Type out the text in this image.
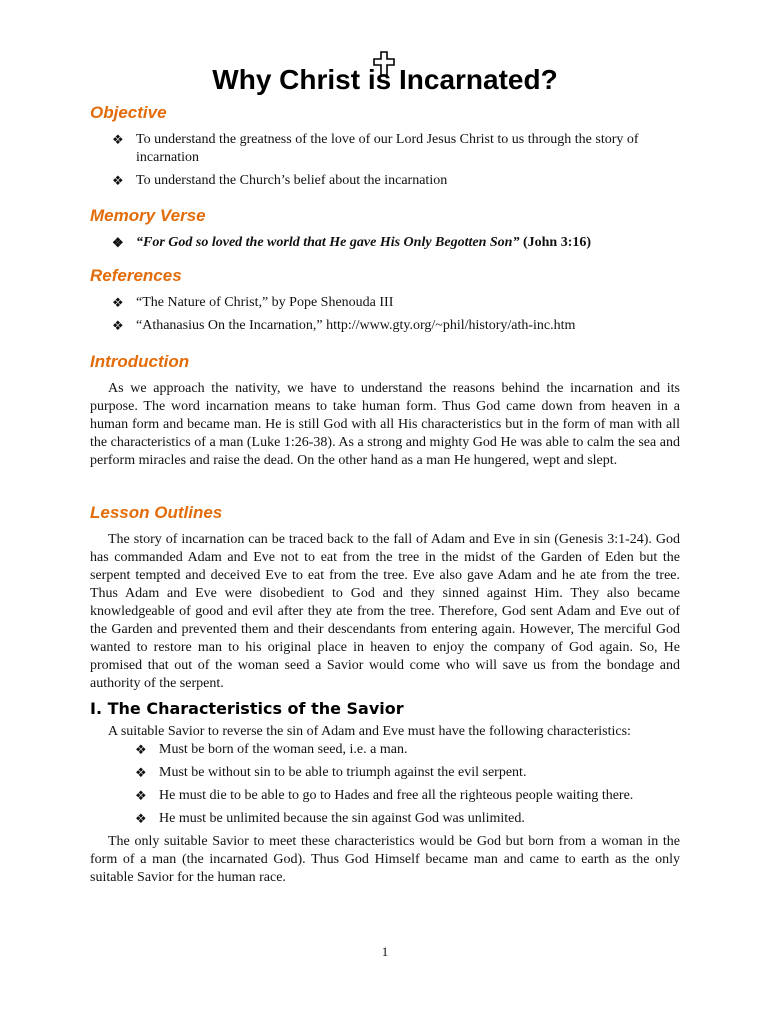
Why Christ is Incarnated?
Objective
❖ To understand the greatness of the love of our Lord Jesus Christ to us through the story of incarnation
❖ To understand the Church’s belief about the incarnation
Memory Verse
❖ “For God so loved the world that He gave His Only Begotten Son” (John 3:16)
References
❖ “The Nature of Christ,” by Pope Shenouda III
❖ “Athanasius On the Incarnation,” http://www.gty.org/~phil/history/ath-inc.htm
Introduction

As we approach the nativity, we have to understand the reasons behind the incarnation and its purpose. The word incarnation means to take human form. Thus God came down from heaven in a human form and became man. He is still God with all His characteristics but in the form of man with all the characteristics of a man (Luke 1:26-38). As a strong and mighty God He was able to calm the sea and perform miracles and raise the dead. On the other hand as a man He hungered, wept and slept.

Lesson Outlines

The story of incarnation can be traced back to the fall of Adam and Eve in sin (Genesis 3:1-24). God has commanded Adam and Eve not to eat from the tree in the midst of the Garden of Eden but the serpent tempted and deceived Eve to eat from the tree. Eve also gave Adam and he ate from the tree. Thus Adam and Eve were disobedient to God and they sinned against Him. They also became knowledgeable of good and evil after they ate from the tree. Therefore, God sent Adam and Eve out of the Garden and prevented them and their descendants from entering again. However, The merciful God wanted to restore man to his original place in heaven to enjoy the company of God again. So, He promised that out of the woman seed a Savior would come who will save us from the bondage and authority of the serpent.

I. The Characteristics of the Savior

A suitable Savior to reverse the sin of Adam and Eve must have the following characteristics:

❖ Must be born of the woman seed, i.e. a man.
❖ Must be without sin to be able to triumph against the evil serpent.
❖ He must die to be able to go to Hades and free all the righteous people waiting there.
❖ He must be unlimited because the sin against God was unlimited.

The only suitable Savior to meet these characteristics would be God but born from a woman in the form of a man (the incarnated God). Thus God Himself became man and came to earth as the only suitable Savior for the human race.

1
